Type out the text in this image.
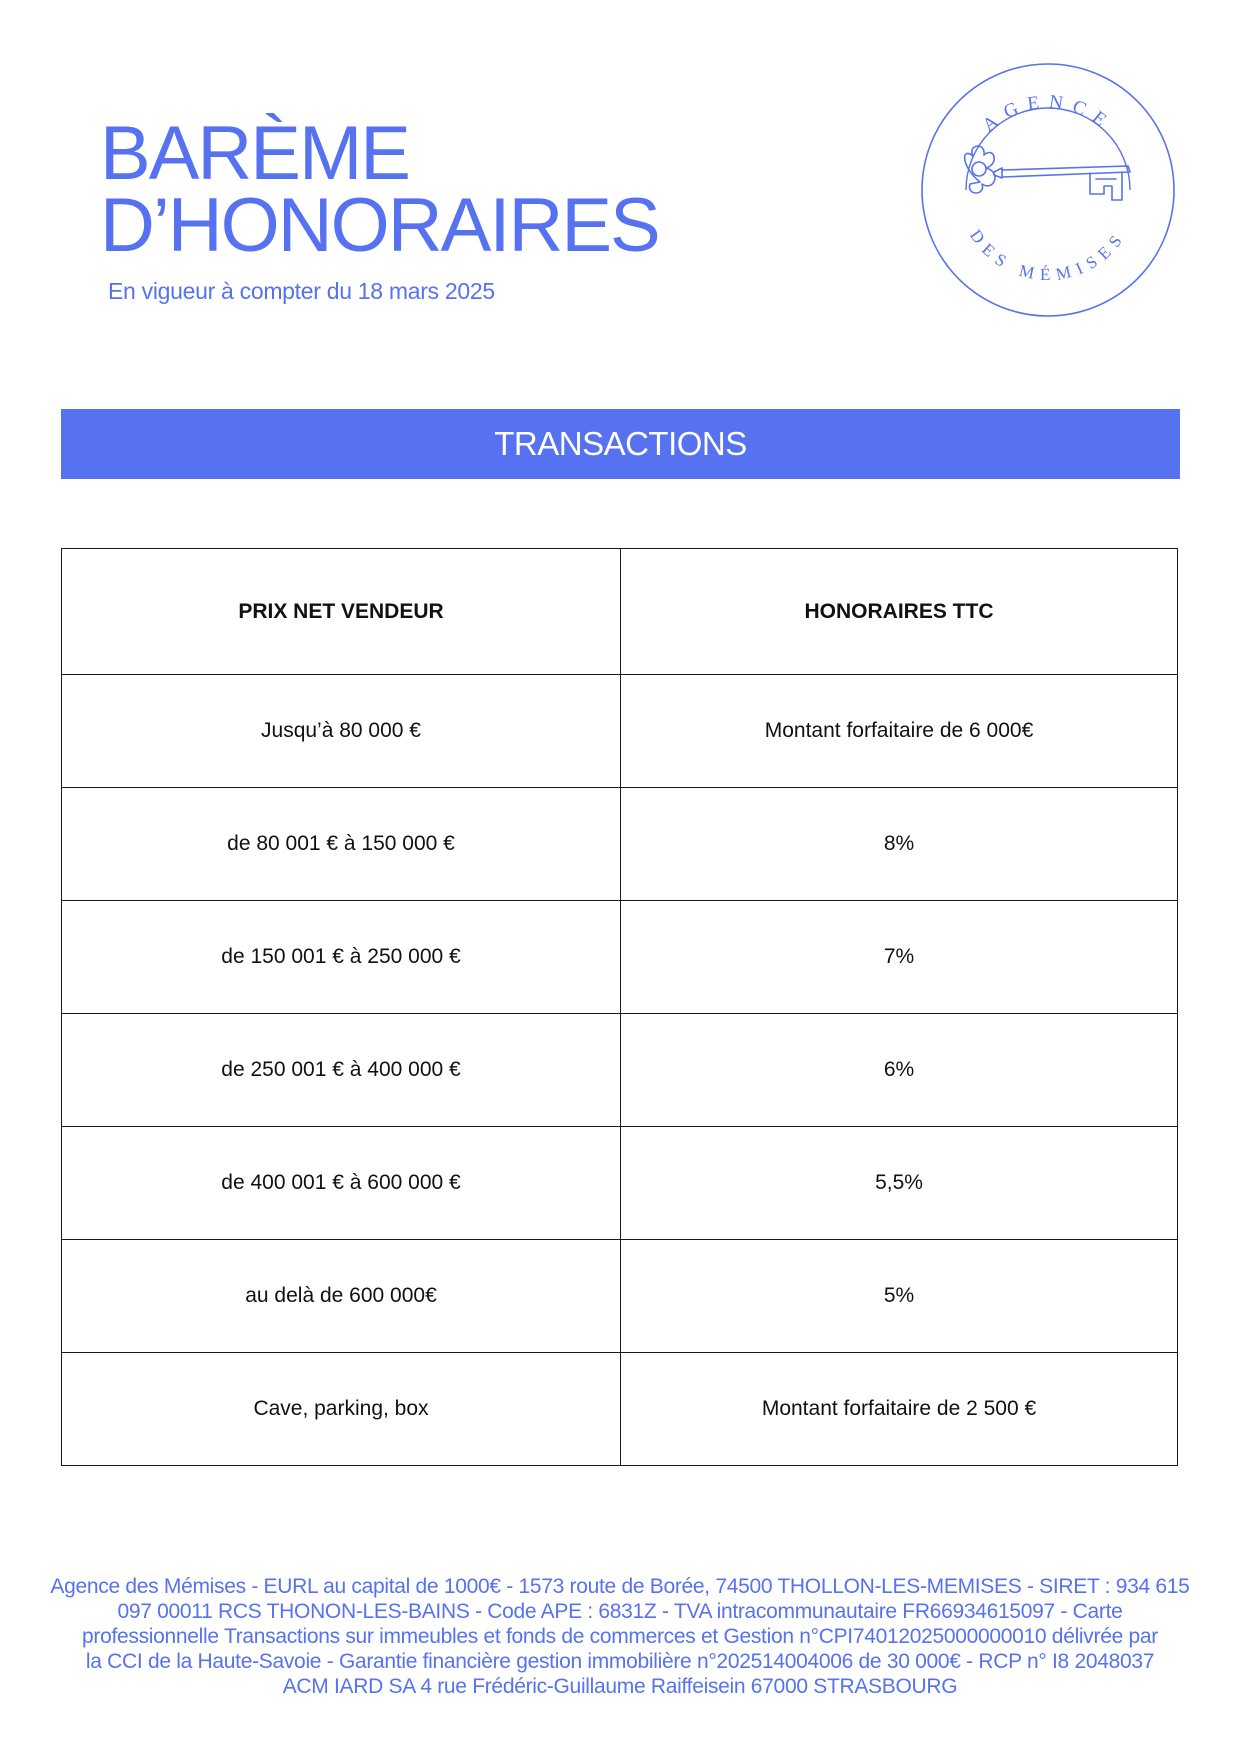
BARÈME
D’HONORAIRES
En vigueur à compter du 18 mars 2025
AGENCE
DES MÉMISES
TRANSACTIONS
PRIX NET VENDEUR	HONORAIRES TTC
Jusqu’à 80 000 €	Montant forfaitaire de 6 000€
de 80 001 € à 150 000 €	8%
de 150 001 € à 250 000 €	7%
de 250 001 € à 400 000 €	6%
de 400 001 € à 600 000 €	5,5%
au delà de 600 000€	5%
Cave, parking, box	Montant forfaitaire de 2 500 €
Agence des Mémises - EURL au capital de 1000€ - 1573 route de Borée, 74500 THOLLON-LES-MEMISES - SIRET : 934 615
097 00011 RCS THONON-LES-BAINS - Code APE : 6831Z - TVA intracommunautaire FR66934615097 - Carte
professionnelle Transactions sur immeubles et fonds de commerces et Gestion n°CPI74012025000000010 délivrée par
la CCI de la Haute-Savoie - Garantie financière gestion immobilière n°202514004006 de 30 000€ - RCP n° I8 2048037
ACM IARD SA 4 rue Frédéric-Guillaume Raiffeisein 67000 STRASBOURG
